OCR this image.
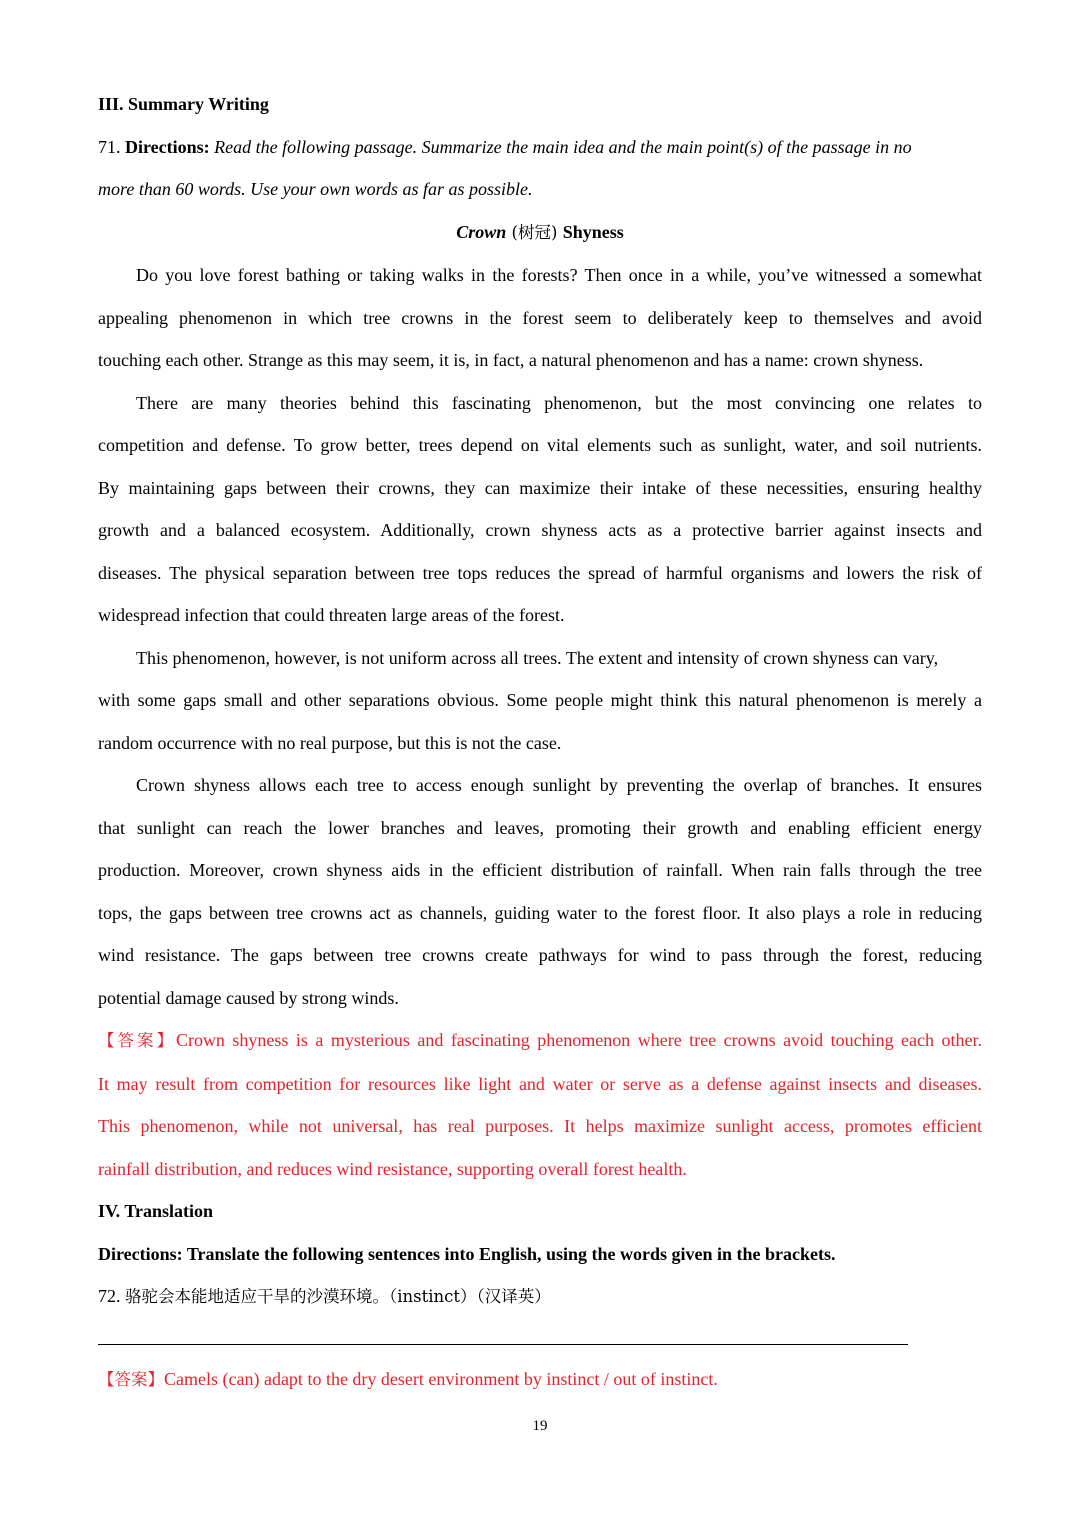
III. Summary Writing
71. Directions: Read the following passage. Summarize the main idea and the main point(s) of the passage in no
more than 60 words. Use your own words as far as possible.
Crown (树冠) Shyness
Do you love forest bathing or taking walks in the forests? Then once in a while, you’ve witnessed a somewhat
appealing phenomenon in which tree crowns in the forest seem to deliberately keep to themselves and avoid
touching each other. Strange as this may seem, it is, in fact, a natural phenomenon and has a name: crown shyness.
There are many theories behind this fascinating phenomenon, but the most convincing one relates to
competition and defense. To grow better, trees depend on vital elements such as sunlight, water, and soil nutrients.
By maintaining gaps between their crowns, they can maximize their intake of these necessities, ensuring healthy
growth and a balanced ecosystem. Additionally, crown shyness acts as a protective barrier against insects and
diseases. The physical separation between tree tops reduces the spread of harmful organisms and lowers the risk of
widespread infection that could threaten large areas of the forest.
This phenomenon, however, is not uniform across all trees. The extent and intensity of crown shyness can vary,
with some gaps small and other separations obvious. Some people might think this natural phenomenon is merely a
random occurrence with no real purpose, but this is not the case.
Crown shyness allows each tree to access enough sunlight by preventing the overlap of branches. It ensures
that sunlight can reach the lower branches and leaves, promoting their growth and enabling efficient energy
production. Moreover, crown shyness aids in the efficient distribution of rainfall. When rain falls through the tree
tops, the gaps between tree crowns act as channels, guiding water to the forest floor. It also plays a role in reducing
wind resistance. The gaps between tree crowns create pathways for wind to pass through the forest, reducing
potential damage caused by strong winds.
【答案】Crown shyness is a mysterious and fascinating phenomenon where tree crowns avoid touching each other.
It may result from competition for resources like light and water or serve as a defense against insects and diseases.
This phenomenon, while not universal, has real purposes. It helps maximize sunlight access, promotes efficient
rainfall distribution, and reduces wind resistance, supporting overall forest health.
IV. Translation
Directions: Translate the following sentences into English, using the words given in the brackets.
72. 骆驼会本能地适应干旱的沙漠环境。（instinct）（汉译英）
【答案】Camels (can) adapt to the dry desert environment by instinct / out of instinct.
19
